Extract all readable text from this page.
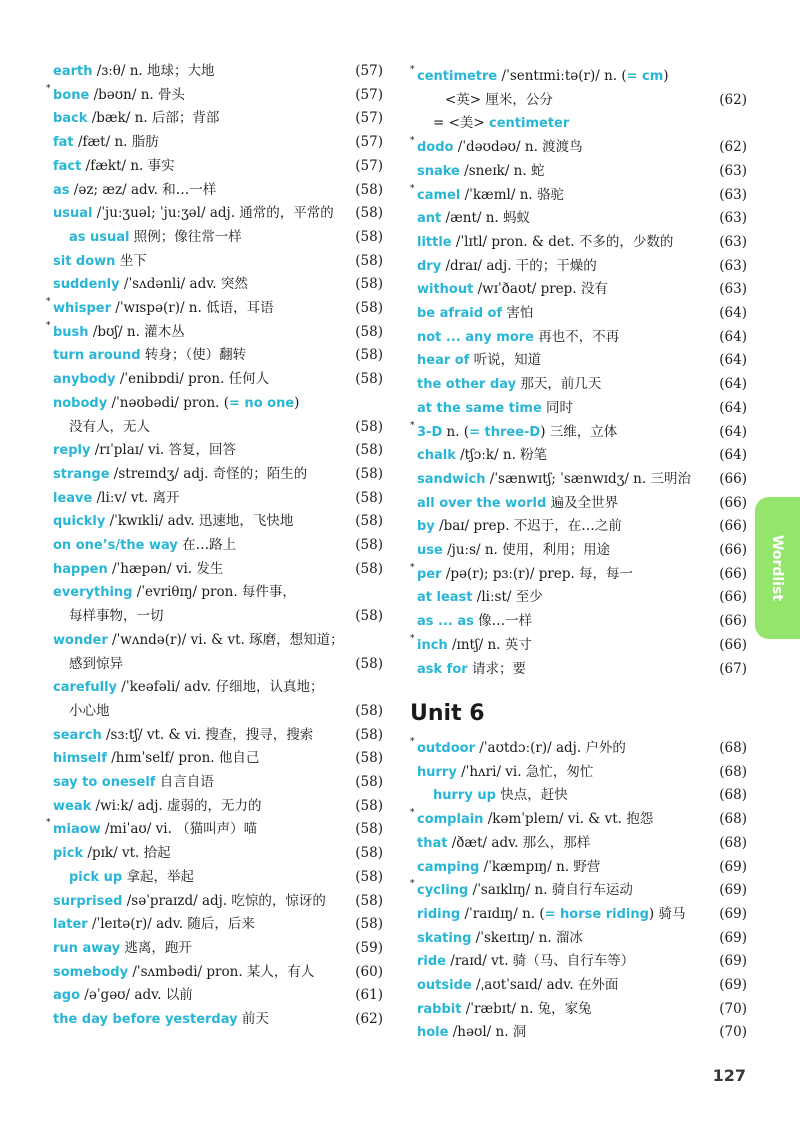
earth /ɜːθ/ n. 地球；大地	(57)
* bone /bəʊn/ n. 骨头	(57)
back /bæk/ n. 后部；背部	(57)
fat /fæt/ n. 脂肪	(57)
fact /fækt/ n. 事实	(57)
as /əz; æz/ adv. 和…一样	(58)
usual /ˈjuːʒuəl; ˈjuːʒəl/ adj. 通常的，平常的 (58)
as usual 照例；像往常一样	(58)
sit down 坐下	(58)
suddenly /ˈsʌdənli/ adv. 突然	(58)
* whisper /ˈwɪspə(r)/ n. 低语，耳语	(58)
* bush /bʊʃ/ n. 灌木丛	(58)
turn around 转身；（使）翻转	(58)
anybody /ˈenibɒdi/ pron. 任何人	(58)
nobody /ˈnəʊbədi/ pron. (= no one)
没有人，无人	(58)
reply /rɪˈplaɪ/ vi. 答复，回答	(58)
strange /streɪndʒ/ adj. 奇怪的；陌生的	(58)
leave /liːv/ vt. 离开	(58)
quickly /ˈkwɪkli/ adv. 迅速地，飞快地	(58)
on one’s/the way 在…路上	(58)
happen /ˈhæpən/ vi. 发生	(58)
everything /ˈevriθɪŋ/ pron. 每件事，
每样事物，一切	(58)
wonder /ˈwʌndə(r)/ vi. & vt. 琢磨，想知道；
感到惊异	(58)
carefully /ˈkeəfəli/ adv. 仔细地，认真地；
小心地	(58)
search /sɜːtʃ/ vt. & vi. 搜查，搜寻，搜索	(58)
himself /hɪmˈself/ pron. 他自己	(58)
say to oneself 自言自语	(58)
weak /wiːk/ adj. 虚弱的，无力的	(58)
* miaow /miˈaʊ/ vi. （猫叫声）喵	(58)
pick /pɪk/ vt. 拾起	(58)
pick up 拿起，举起	(58)
surprised /səˈpraɪzd/ adj. 吃惊的，惊讶的 (58)
later /ˈleɪtə(r)/ adv. 随后，后来	(58)
run away 逃离，跑开	(59)
somebody /ˈsʌmbədi/ pron. 某人，有人	(60)
ago /əˈgəʊ/ adv. 以前	(61)
the day before yesterday 前天	(62)
* centimetre /ˈsentɪmiːtə(r)/ n. (= cm)
<英> 厘米，公分	(62)
= <美> centimeter
* dodo /ˈdəʊdəʊ/ n. 渡渡鸟	(62)
snake /sneɪk/ n. 蛇	(63)
* camel /ˈkæml/ n. 骆驼	(63)
ant /ænt/ n. 蚂蚁	(63)
little /ˈlɪtl/ pron. & det. 不多的，少数的	(63)
dry /draɪ/ adj. 干的；干燥的	(63)
without /wɪˈðaʊt/ prep. 没有	(63)
be afraid of 害怕	(64)
not ... any more 再也不，不再	(64)
hear of 听说，知道	(64)
the other day 那天，前几天	(64)
at the same time 同时	(64)
* 3-D n. (= three-D) 三维，立体	(64)
chalk /tʃɔːk/ n. 粉笔	(64)
sandwich /ˈsænwɪtʃ; ˈsænwɪdʒ/ n. 三明治 (66)
all over the world 遍及全世界	(66)
by /baɪ/ prep. 不迟于，在…之前	(66)
use /juːs/ n. 使用，利用；用途	(66)
* per /pə(r); pɜː(r)/ prep. 每，每一	(66)
at least /liːst/ 至少	(66)
as ... as 像…一样	(66)
* inch /ɪntʃ/ n. 英寸	(66)
ask for 请求；要	(67)
Unit 6
* outdoor /ˈaʊtdɔː(r)/ adj. 户外的	(68)
hurry /ˈhʌri/ vi. 急忙，匆忙	(68)
hurry up 快点，赶快	(68)
* complain /kəmˈpleɪn/ vi. & vt. 抱怨	(68)
that /ðæt/ adv. 那么，那样	(68)
camping /ˈkæmpɪŋ/ n. 野营	(69)
* cycling /ˈsaɪklɪŋ/ n. 骑自行车运动	(69)
riding /ˈraɪdɪŋ/ n. (= horse riding) 骑马	(69)
skating /ˈskeɪtɪŋ/ n. 溜冰	(69)
ride /raɪd/ vt. 骑（马、自行车等）	(69)
outside /ˌaʊtˈsaɪd/ adv. 在外面	(69)
rabbit /ˈræbɪt/ n. 兔，家兔	(70)
hole /həʊl/ n. 洞	(70)
Wordlist
127
